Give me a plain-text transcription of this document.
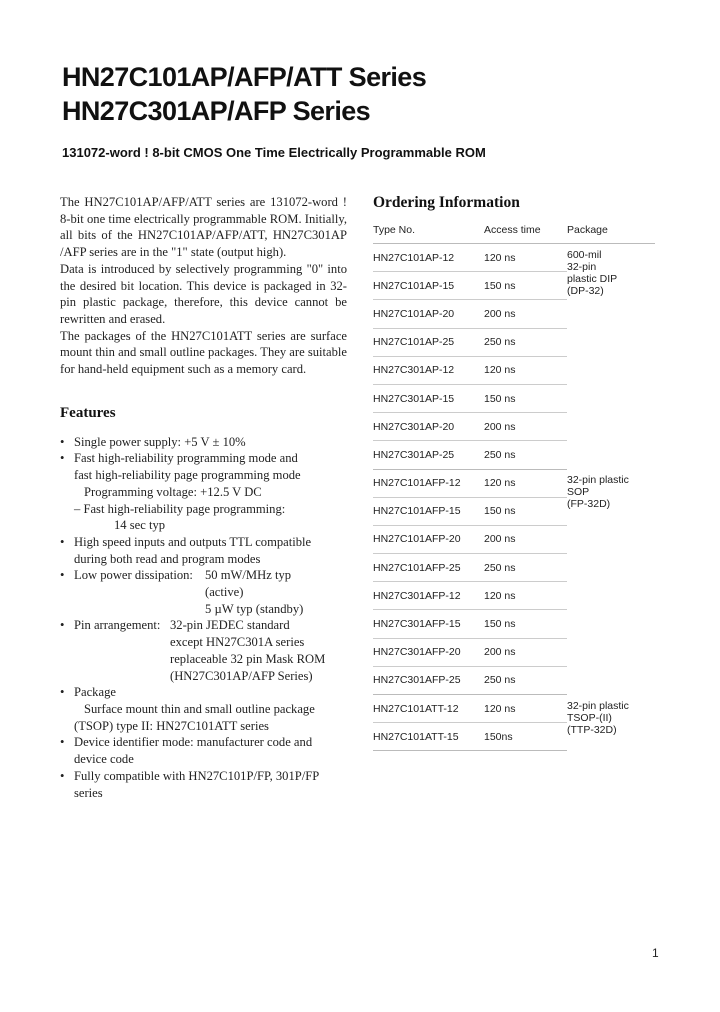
HN27C101AP/AFP/ATT Series
HN27C301AP/AFP Series
131072-word ! 8-bit CMOS One Time Electrically Programmable ROM

The HN27C101AP/AFP/ATT series are 131072-word ! 8-bit one time electrically programmable ROM. Initially, all bits of the HN27C101AP/AFP/ATT, HN27C301AP /AFP series are in the "1" state (output high).

Data is introduced by selectively programming "0" into the desired bit location. This device is packaged in 32-pin plastic package, therefore, this device cannot be rewritten and erased.

The packages of the HN27C101ATT series are surface mount thin and small outline packages. They are suitable for hand-held equipment such as a memory card.

Features
• Single power supply: +5 V ± 10%
• Fast high-reliability programming mode and
fast high-reliability page programming mode
Programming voltage: +12.5 V DC
– Fast high-reliability page programming:
14 sec typ
• High speed inputs and outputs TTL compatible
during both read and program modes
• Low power dissipation: 50 mW/MHz typ
(active)
5 µW typ (standby)
• Pin arrangement: 32-pin JEDEC standard
except HN27C301A series
replaceable 32 pin Mask ROM
(HN27C301AP/AFP Series)
• Package
Surface mount thin and small outline package
(TSOP) type II: HN27C101ATT series
• Device identifier mode: manufacturer code and
device code
• Fully compatible with HN27C101P/FP, 301P/FP
series
Ordering Information
Type No.	Access time	Package
HN27C101AP-12	120 ns	600-mil
32-pin
plastic DIP
(DP-32)

HN27C101AP-15	150 ns	
HN27C101AP-20	200 ns	
HN27C101AP-25	250 ns	
HN27C301AP-12	120 ns	
HN27C301AP-15	150 ns	
HN27C301AP-20	200 ns	
HN27C301AP-25	250 ns	
HN27C101AFP-12	120 ns	32-pin plastic
SOP
(FP-32D)

HN27C101AFP-15	150 ns	
HN27C101AFP-20	200 ns	
HN27C101AFP-25	250 ns	
HN27C301AFP-12	120 ns	
HN27C301AFP-15	150 ns	
HN27C301AFP-20	200 ns	
HN27C301AFP-25	250 ns	
HN27C101ATT-12	120 ns	32-pin plastic
TSOP-(II)
(TTP-32D)

HN27C101ATT-15	150ns	
1
